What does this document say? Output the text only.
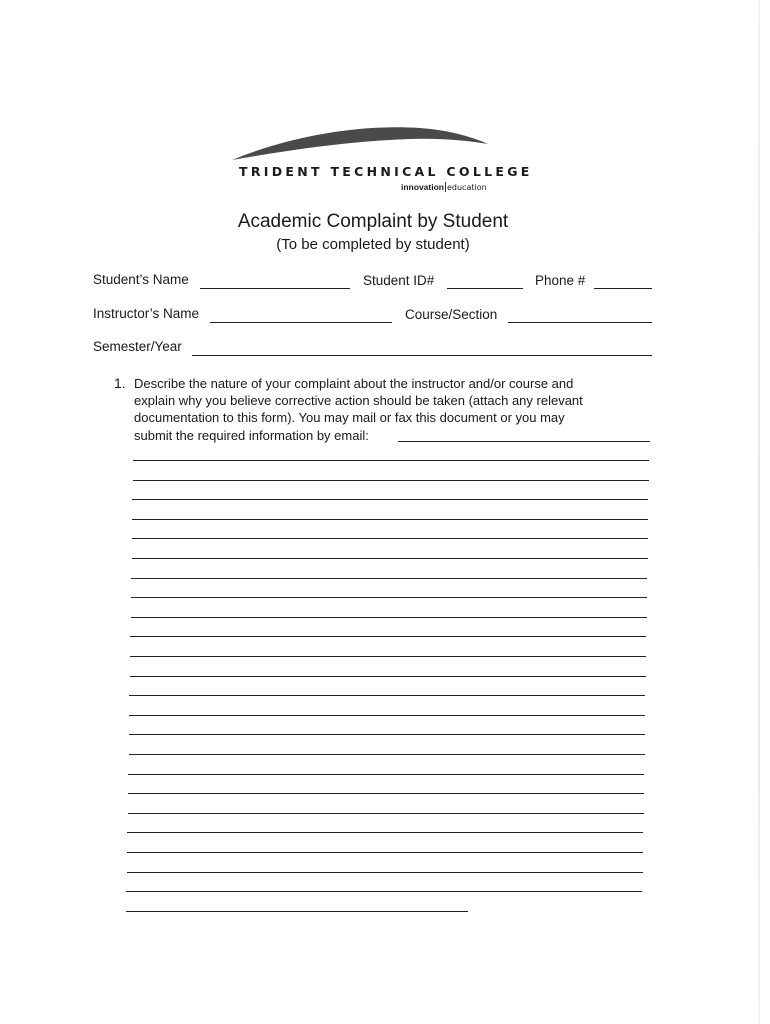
TRIDENT TECHNICAL COLLEGE
innovation education
Academic Complaint by Student
(To be completed by student)
Student’s Name	Student ID#	Phone #
Instructor’s Name	Course/Section
Semester/Year
1. Describe the nature of your complaint about the instructor and/or course and
explain why you believe corrective action should be taken (attach any relevant
documentation to this form). You may mail or fax this document or you may
submit the required information by email:
